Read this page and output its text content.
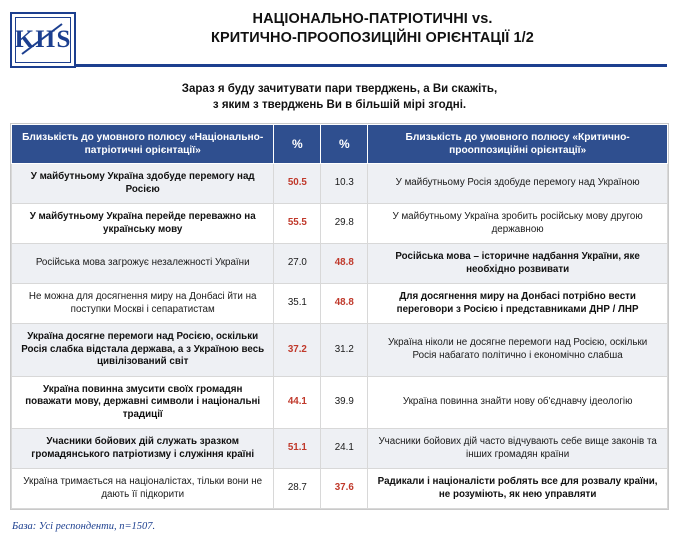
KIIS
НАЦІОНАЛЬНО-ПАТРІОТИЧНІ vs.
КРИТИЧНО-ПРООПОЗИЦІЙНІ ОРІЄНТАЦІЇ 1/2
Зараз я буду зачитувати пари тверджень, а Ви скажіть,
з яким з тверджень Ви в більшій мірі згодні.
Близькість до умовного полюсу «Національно-патріотичні орієнтації»	%	%	Близькість до умовного полюсу «Критично-прооппозиційні орієнтації»
У майбутньому Україна здобуде перемогу над Росією	50.5	10.3	У майбутньому Росія здобуде перемогу над Україною
У майбутньому Україна перейде переважно на українську мову	55.5	29.8	У майбутньому Україна зробить російську мову другою державною
Російська мова загрожує незалежності України	27.0	48.8	Російська мова – історичне надбання України, яке необхідно розвивати
Не можна для досягнення миру на Донбасі йти на поступки Москві і сепаратистам	35.1	48.8	Для досягнення миру на Донбасі потрібно вести переговори з Росією і представниками ДНР / ЛНР
Україна досягне перемоги над Росією, оскільки Росія слабка відстала держава, а з Україною весь цивілізований світ	37.2	31.2	Україна ніколи не досягне перемоги над Росією, оскільки Росія набагато політично і економічно слабша
Україна повинна змусити своїх громадян поважати мову, державні символи і національні традиції	44.1	39.9	Україна повинна знайти нову об'єднавчу ідеологію
Учасники бойових дій служать зразком громадянського патріотизму і служіння країні	51.1	24.1	Учасники бойових дій часто відчувають себе вище законів та інших громадян країни
Україна тримається на націоналістах, тільки вони не дають її підкорити	28.7	37.6	Радикали і націоналісти роблять все для розвалу країни, не розуміють, як нею управляти
База: Усі респонденти, n=1507.
